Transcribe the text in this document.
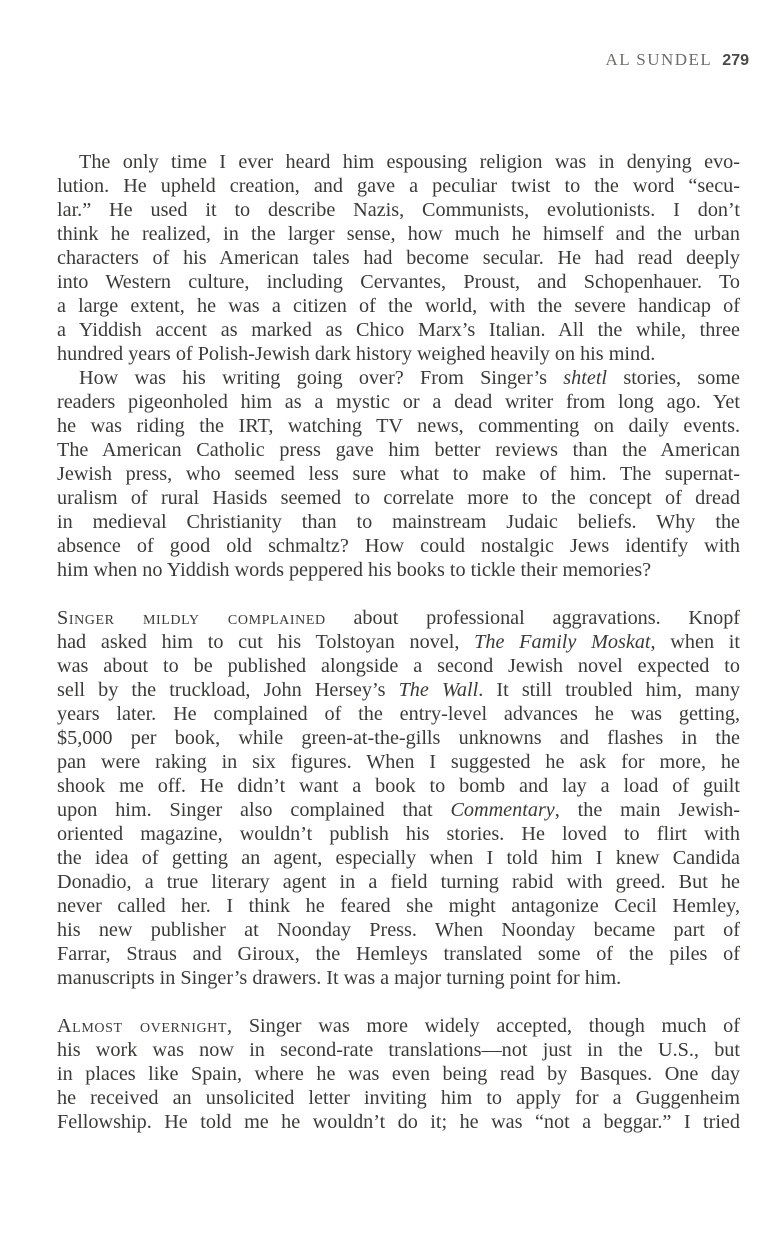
AL SUNDEL 279
The only time I ever heard him espousing religion was in denying evo-
lution. He upheld creation, and gave a peculiar twist to the word “secu-
lar.” He used it to describe Nazis, Communists, evolutionists. I don’t
think he realized, in the larger sense, how much he himself and the urban
characters of his American tales had become secular. He had read deeply
into Western culture, including Cervantes, Proust, and Schopenhauer. To
a large extent, he was a citizen of the world, with the severe handicap of
a Yiddish accent as marked as Chico Marx’s Italian. All the while, three
hundred years of Polish-Jewish dark history weighed heavily on his mind.
How was his writing going over? From Singer’s shtetl stories, some
readers pigeonholed him as a mystic or a dead writer from long ago. Yet
he was riding the IRT, watching TV news, commenting on daily events.
The American Catholic press gave him better reviews than the American
Jewish press, who seemed less sure what to make of him. The supernat-
uralism of rural Hasids seemed to correlate more to the concept of dread
in medieval Christianity than to mainstream Judaic beliefs. Why the
absence of good old schmaltz? How could nostalgic Jews identify with
him when no Yiddish words peppered his books to tickle their memories?
Singer mildly complained about professional aggravations. Knopf
had asked him to cut his Tolstoyan novel, The Family Moskat, when it
was about to be published alongside a second Jewish novel expected to
sell by the truckload, John Hersey’s The Wall. It still troubled him, many
years later. He complained of the entry-level advances he was getting,
$5,000 per book, while green-at-the-gills unknowns and flashes in the
pan were raking in six figures. When I suggested he ask for more, he
shook me off. He didn’t want a book to bomb and lay a load of guilt
upon him. Singer also complained that Commentary, the main Jewish-
oriented magazine, wouldn’t publish his stories. He loved to flirt with
the idea of getting an agent, especially when I told him I knew Candida
Donadio, a true literary agent in a field turning rabid with greed. But he
never called her. I think he feared she might antagonize Cecil Hemley,
his new publisher at Noonday Press. When Noonday became part of
Farrar, Straus and Giroux, the Hemleys translated some of the piles of
manuscripts in Singer’s drawers. It was a major turning point for him.
Almost overnight, Singer was more widely accepted, though much of
his work was now in second-rate translations—not just in the U.S., but
in places like Spain, where he was even being read by Basques. One day
he received an unsolicited letter inviting him to apply for a Guggenheim
Fellowship. He told me he wouldn’t do it; he was “not a beggar.” I tried
